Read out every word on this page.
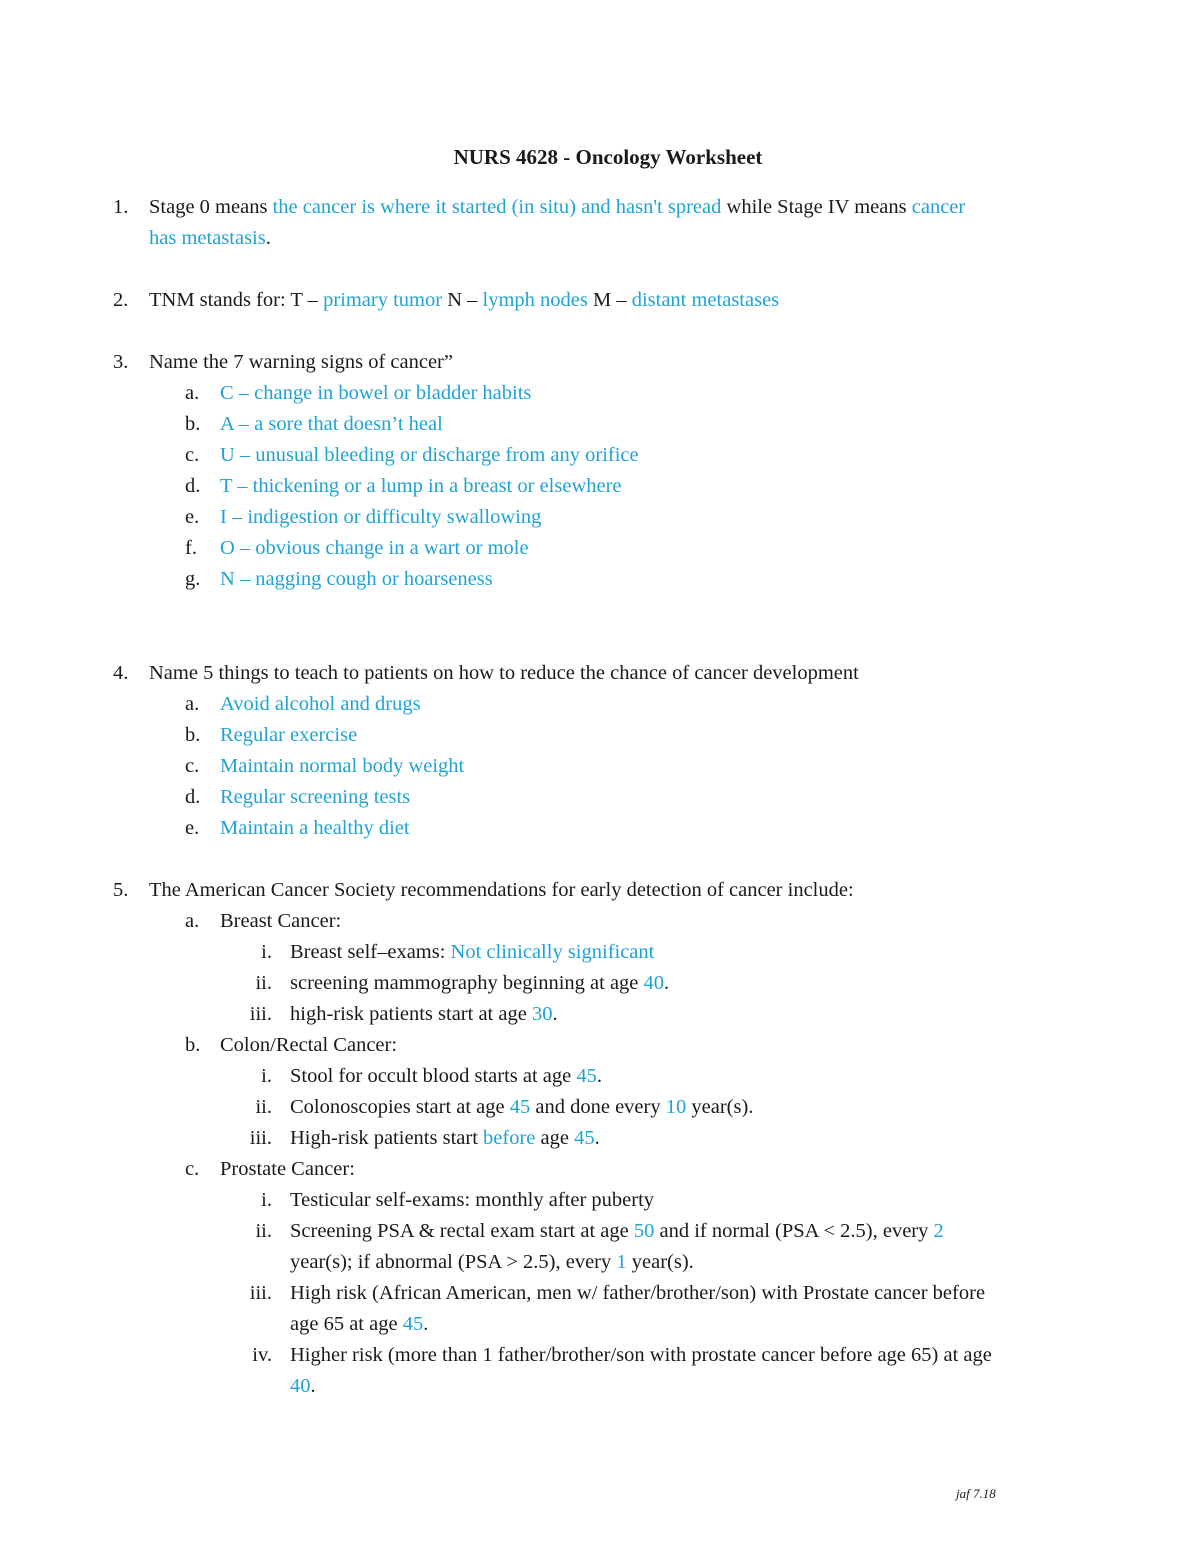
NURS 4628 - Oncology Worksheet
1. Stage 0 means the cancer is where it started (in situ) and hasn't spread while Stage IV means cancer
has metastasis.
2. TNM stands for: T – primary tumor N – lymph nodes M – distant metastases
3. Name the 7 warning signs of cancer”
a. C – change in bowel or bladder habits
b. A – a sore that doesn’t heal
c. U – unusual bleeding or discharge from any orifice
d. T – thickening or a lump in a breast or elsewhere
e. I – indigestion or difficulty swallowing
f. O – obvious change in a wart or mole
g. N – nagging cough or hoarseness
4. Name 5 things to teach to patients on how to reduce the chance of cancer development
a. Avoid alcohol and drugs
b. Regular exercise
c. Maintain normal body weight
d. Regular screening tests
e. Maintain a healthy diet
5. The American Cancer Society recommendations for early detection of cancer include:
a. Breast Cancer:
i. Breast self–exams: Not clinically significant
ii. screening mammography beginning at age 40.
iii. high-risk patients start at age 30.
b. Colon/Rectal Cancer:
i. Stool for occult blood starts at age 45.
ii. Colonoscopies start at age 45 and done every 10 year(s).
iii. High-risk patients start before age 45.
c. Prostate Cancer:
i. Testicular self-exams: monthly after puberty
ii. Screening PSA & rectal exam start at age 50 and if normal (PSA < 2.5), every 2
year(s); if abnormal (PSA > 2.5), every 1 year(s).
iii. High risk (African American, men w/ father/brother/son) with Prostate cancer before
age 65 at age 45.
iv. Higher risk (more than 1 father/brother/son with prostate cancer before age 65) at age
40.
jaf 7.18
